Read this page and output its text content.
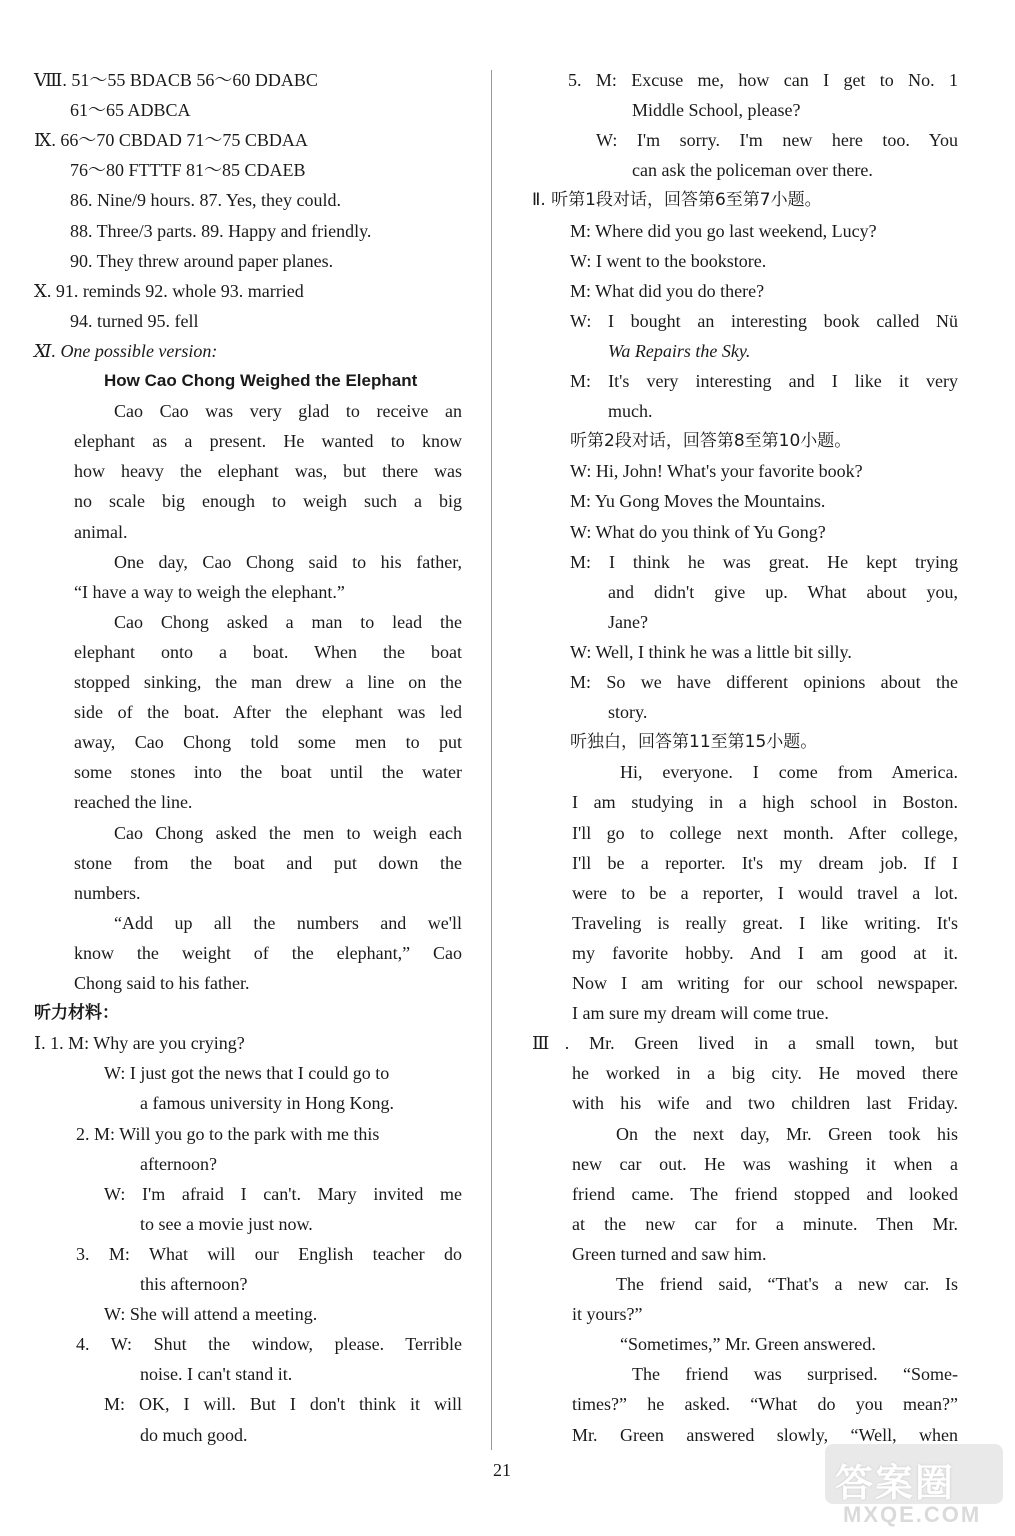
Ⅷ. 51～55 BDACB 56～60 DDABC
61～65 ADBCA
Ⅸ. 66～70 CBDAD 71～75 CBDAA
76～80 FTTTF 81～85 CDAEB
86. Nine/9 hours. 87. Yes, they could.
88. Three/3 parts. 89. Happy and friendly.
90. They threw around paper planes.
Ⅹ. 91. reminds 92. whole 93. married
94. turned 95. fell
Ⅺ. One possible version:
How Cao Chong Weighed the Elephant
Cao Cao was very glad to receive an
elephant as a present. He wanted to know
how heavy the elephant was, but there was
no scale big enough to weigh such a big
animal.
One day, Cao Chong said to his father,
“I have a way to weigh the elephant.”
Cao Chong asked a man to lead the
elephant onto a boat. When the boat
stopped sinking, the man drew a line on the
side of the boat. After the elephant was led
away, Cao Chong told some men to put
some stones into the boat until the water
reached the line.
Cao Chong asked the men to weigh each
stone from the boat and put down the
numbers.
“Add up all the numbers and we'll
know the weight of the elephant,” Cao
Chong said to his father.
听力材料：
Ⅰ. 1. M: Why are you crying?
W: I just got the news that I could go to
a famous university in Hong Kong.
2. M: Will you go to the park with me this
afternoon?
W: I'm afraid I can't. Mary invited me
to see a movie just now.
3. M: What will our English teacher do
this afternoon?
W: She will attend a meeting.
4. W: Shut the window, please. Terrible
noise. I can't stand it.
M: OK, I will. But I don't think it will
do much good.
5. M: Excuse me, how can I get to No. 1
Middle School, please?
W: I'm sorry. I'm new here too. You
can ask the policeman over there.
Ⅱ. 听第1段对话，回答第6至第7小题。
M: Where did you go last weekend, Lucy?
W: I went to the bookstore.
M: What did you do there?
W: I bought an interesting book called Nü
Wa Repairs the Sky.
M: It's very interesting and I like it very
much.
听第2段对话，回答第8至第10小题。
W: Hi, John! What's your favorite book?
M: Yu Gong Moves the Mountains.
W: What do you think of Yu Gong?
M: I think he was great. He kept trying
and didn't give up. What about you,
Jane?
W: Well, I think he was a little bit silly.
M: So we have different opinions about the
story.
听独白，回答第11至第15小题。
Hi, everyone. I come from America.
I am studying in a high school in Boston.
I'll go to college next month. After college,
I'll be a reporter. It's my dream job. If I
were to be a reporter, I would travel a lot.
Traveling is really great. I like writing. It's
my favorite hobby. And I am good at it.
Now I am writing for our school newspaper.
I am sure my dream will come true.
Ⅲ. Mr. Green lived in a small town, but
he worked in a big city. He moved there
with his wife and two children last Friday.
On the next day, Mr. Green took his
new car out. He was washing it when a
friend came. The friend stopped and looked
at the new car for a minute. Then Mr.
Green turned and saw him.
The friend said, “That's a new car. Is
it yours?”
“Sometimes,” Mr. Green answered.
The friend was surprised. “Some-
times?” he asked. “What do you mean?”
Mr. Green answered slowly, “Well, when
21	答案圈
MXQE.COM
